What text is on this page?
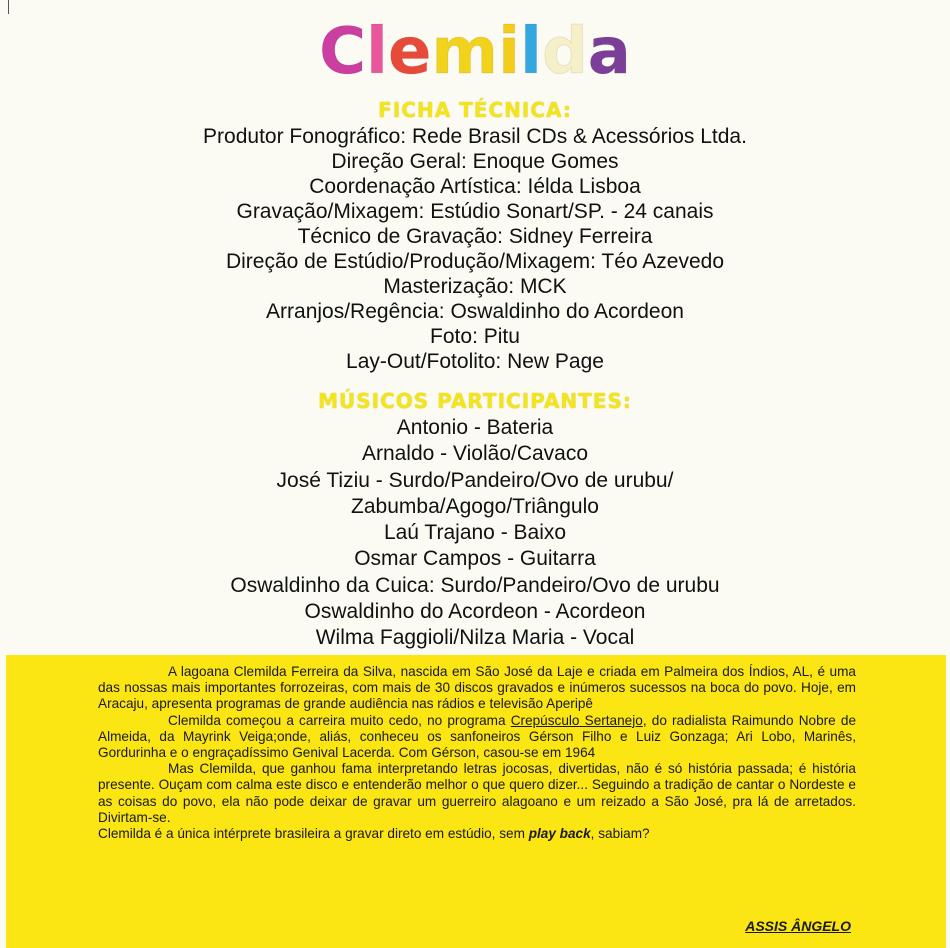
Clemilda
FICHA TÉCNICA:
Produtor Fonográfico: Rede Brasil CDs & Acessórios Ltda.
Direção Geral: Enoque Gomes
Coordenação Artística: Iélda Lisboa
Gravação/Mixagem: Estúdio Sonart/SP. - 24 canais
Técnico de Gravação: Sidney Ferreira
Direção de Estúdio/Produção/Mixagem: Téo Azevedo
Masterização: MCK
Arranjos/Regência: Oswaldinho do Acordeon
Foto: Pitu
Lay-Out/Fotolito: New Page
MÚSICOS PARTICIPANTES:
Antonio - Bateria
Arnaldo - Violão/Cavaco
José Tiziu - Surdo/Pandeiro/Ovo de urubu/
Zabumba/Agogo/Triângulo
Laú Trajano - Baixo
Osmar Campos - Guitarra
Oswaldinho da Cuica: Surdo/Pandeiro/Ovo de urubu
Oswaldinho do Acordeon - Acordeon
Wilma Faggioli/Nilza Maria - Vocal

A lagoana Clemilda Ferreira da Silva, nascida em São José da Laje e criada em Palmeira dos Índios, AL, é uma das nossas mais importantes forrozeiras, com mais de 30 discos gravados e inúmeros sucessos na boca do povo. Hoje, em Aracaju, apresenta programas de grande audiência nas rádios e televisão Aperipê

Clemilda começou a carreira muito cedo, no programa Crepúsculo Sertanejo, do radialista Raimundo Nobre de Almeida, da Mayrink Veiga;onde, aliás, conheceu os sanfoneiros Gérson Filho e Luiz Gonzaga; Ari Lobo, Marinês, Gordurinha e o engraçadíssimo Genival Lacerda. Com Gérson, casou-se em 1964

Mas Clemilda, que ganhou fama interpretando letras jocosas, divertidas, não é só história passada; é história presente. Ouçam com calma este disco e entenderão melhor o que quero dizer... Seguindo a tradição de cantar o Nordeste e as coisas do povo, ela não pode deixar de gravar um guerreiro alagoano e um reizado a São José, pra lá de arretados. Divirtam-se.

Clemilda é a única intérprete brasileira a gravar direto em estúdio, sem play back, sabiam?

ASSIS ÂNGELO
